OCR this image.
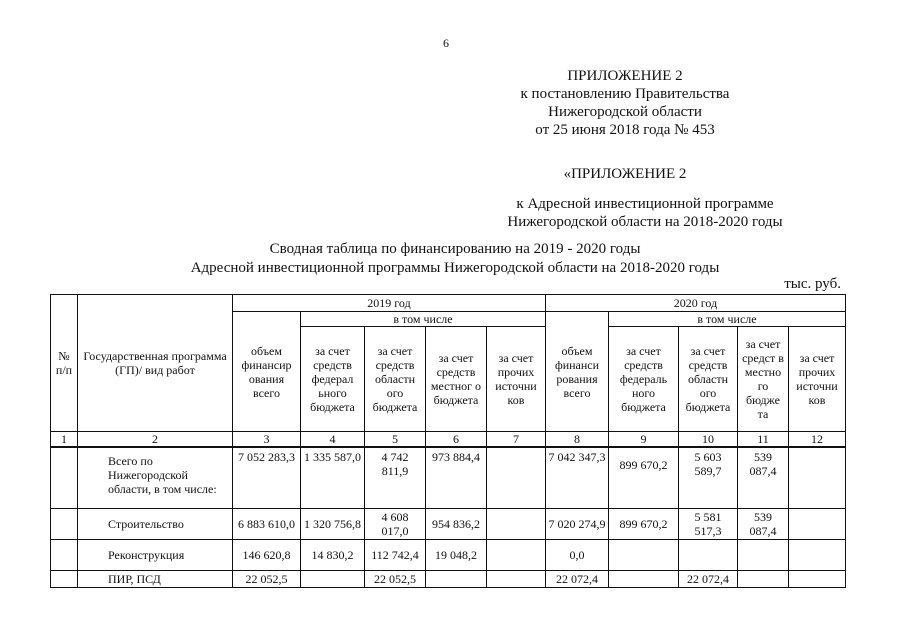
6
ПРИЛОЖЕНИЕ 2
к постановлению Правительства
Нижегородской области
от 25 июня 2018 года № 453
«ПРИЛОЖЕНИЕ 2
к Адресной инвестиционной программе
Нижегородской области на 2018-2020 годы
Сводная таблица по финансированию на 2019 - 2020 годы
Адресной инвестиционной программы Нижегородской области на 2018-2020 годы
тыс. руб.
№ п/п	Государственная программа (ГП)/ вид работ	2019 год					2020 год				
		объем финансир ования всего	в том числе				объем финанси рования всего	в том числе			
			за счет средств федерал ьного бюджета	за счет средств областн ого бюджета	за счет средств местног о бюджета	за счет прочих источни ков		за счет средств федераль ного бюджета	за счет средств областн ого бюджета	за счет средст в местно го бюдже та	за счет прочих источни ков
1	2	3	4	5	6	7	8	9	10	11	12
	Всего по Нижегородской области, в том числе:	7 052 283,3	1 335 587,0	4 742 811,9	973 884,4		7 042 347,3	899 670,2	5 603 589,7	539 087,4	
	Строительство	6 883 610,0	1 320 756,8	4 608 017,0	954 836,2		7 020 274,9	899 670,2	5 581 517,3	539 087,4	
	Реконструкция	146 620,8	14 830,2	112 742,4	19 048,2		0,0				
	ПИР, ПСД	22 052,5		22 052,5			22 072,4		22 072,4		
